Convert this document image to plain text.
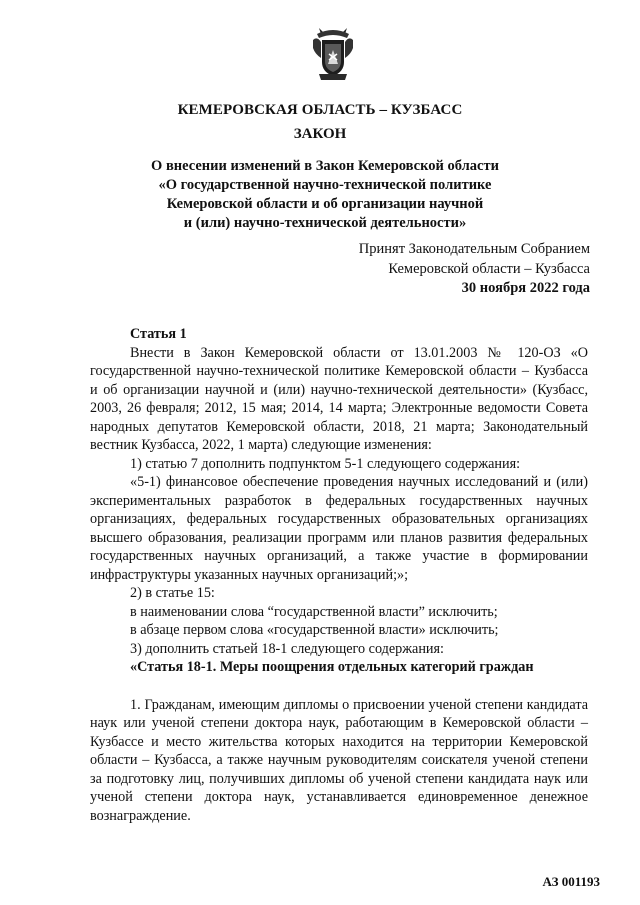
КЕМЕРОВСКАЯ ОБЛАСТЬ – КУЗБАСС
ЗАКОН
О внесении изменений в Закон Кемеровской области
«О государственной научно-технической политике
Кемеровской области и об организации научной
и (или) научно-технической деятельности»
Принят Законодательным Собранием
Кемеровской области – Кузбасса
30 ноября 2022 года
Статья 1
Внести в Закон Кемеровской области от 13.01.2003 № 120-ОЗ «О государственной научно-технической политике Кемеровской области – Кузбасса и об организации научной и (или) научно-технической деятельности» (Кузбасс, 2003, 26 февраля; 2012, 15 мая; 2014, 14 марта; Электронные ведомости Совета народных депутатов Кемеровской области, 2018, 21 марта; Законодательный вестник Кузбасса, 2022, 1 марта) следующие изменения:
1) статью 7 дополнить подпунктом 5-1 следующего содержания:
«5-1) финансовое обеспечение проведения научных исследований и (или) экспериментальных разработок в федеральных государственных научных организациях, федеральных государственных образовательных организациях высшего образования, реализации программ или планов развития федеральных государственных научных организаций, а также участие в формировании инфраструктуры указанных научных организаций;»;
2) в статье 15:
в наименовании слова “государственной власти” исключить;
в абзаце первом слова «государственной власти» исключить;
3) дополнить статьей 18-1 следующего содержания:
«Статья 18-1. Меры поощрения отдельных категорий граждан
1. Гражданам, имеющим дипломы о присвоении ученой степени кандидата наук или ученой степени доктора наук, работающим в Кемеровской области – Кузбассе и место жительства которых находится на территории Кемеровской области – Кузбасса, а также научным руководителям соискателя ученой степени за подготовку лиц, получивших дипломы об ученой степени кандидата наук или ученой степени доктора наук, устанавливается единовременное денежное вознаграждение.
АЗ 001193
